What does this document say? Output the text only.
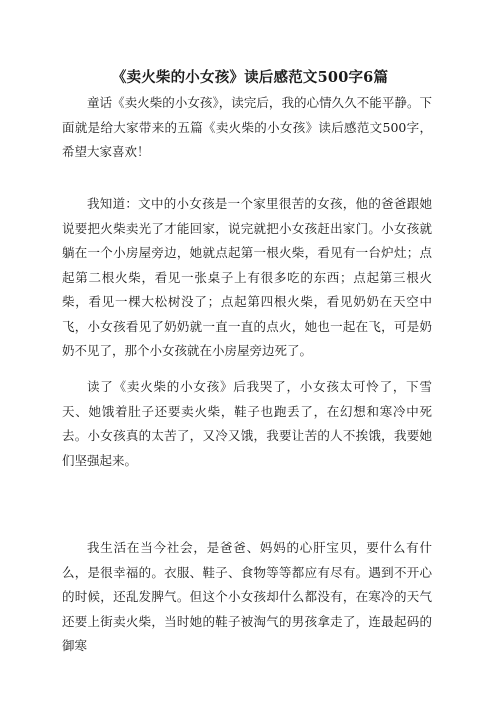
《卖火柴的小女孩》读后感范文500字6篇

童话《卖火柴的小女孩》，读完后，我的心情久久不能平静。下面就是给大家带来的五篇《卖火柴的小女孩》读后感范文500字，希望大家喜欢！

我知道：文中的小女孩是一个家里很苦的女孩，他的爸爸跟她说要把火柴卖光了才能回家，说完就把小女孩赶出家门。小女孩就躺在一个小房屋旁边，她就点起第一根火柴，看见有一台炉灶；点起第二根火柴，看见一张桌子上有很多吃的东西；点起第三根火柴，看见一棵大松树没了；点起第四根火柴，看见奶奶在天空中飞，小女孩看见了奶奶就一直一直的点火，她也一起在飞，可是奶奶不见了，那个小女孩就在小房屋旁边死了。

读了《卖火柴的小女孩》后我哭了，小女孩太可怜了，下雪天、她饿着肚子还要卖火柴，鞋子也跑丢了，在幻想和寒冷中死去。小女孩真的太苦了，又冷又饿，我要让苦的人不挨饿，我要她们坚强起来。

我生活在当今社会，是爸爸、妈妈的心肝宝贝，要什么有什么，是很幸福的。衣服、鞋子、食物等等都应有尽有。遇到不开心的时候，还乱发脾气。但这个小女孩却什么都没有，在寒冷的天气还要上街卖火柴，当时她的鞋子被淘气的男孩拿走了，连最起码的御寒
